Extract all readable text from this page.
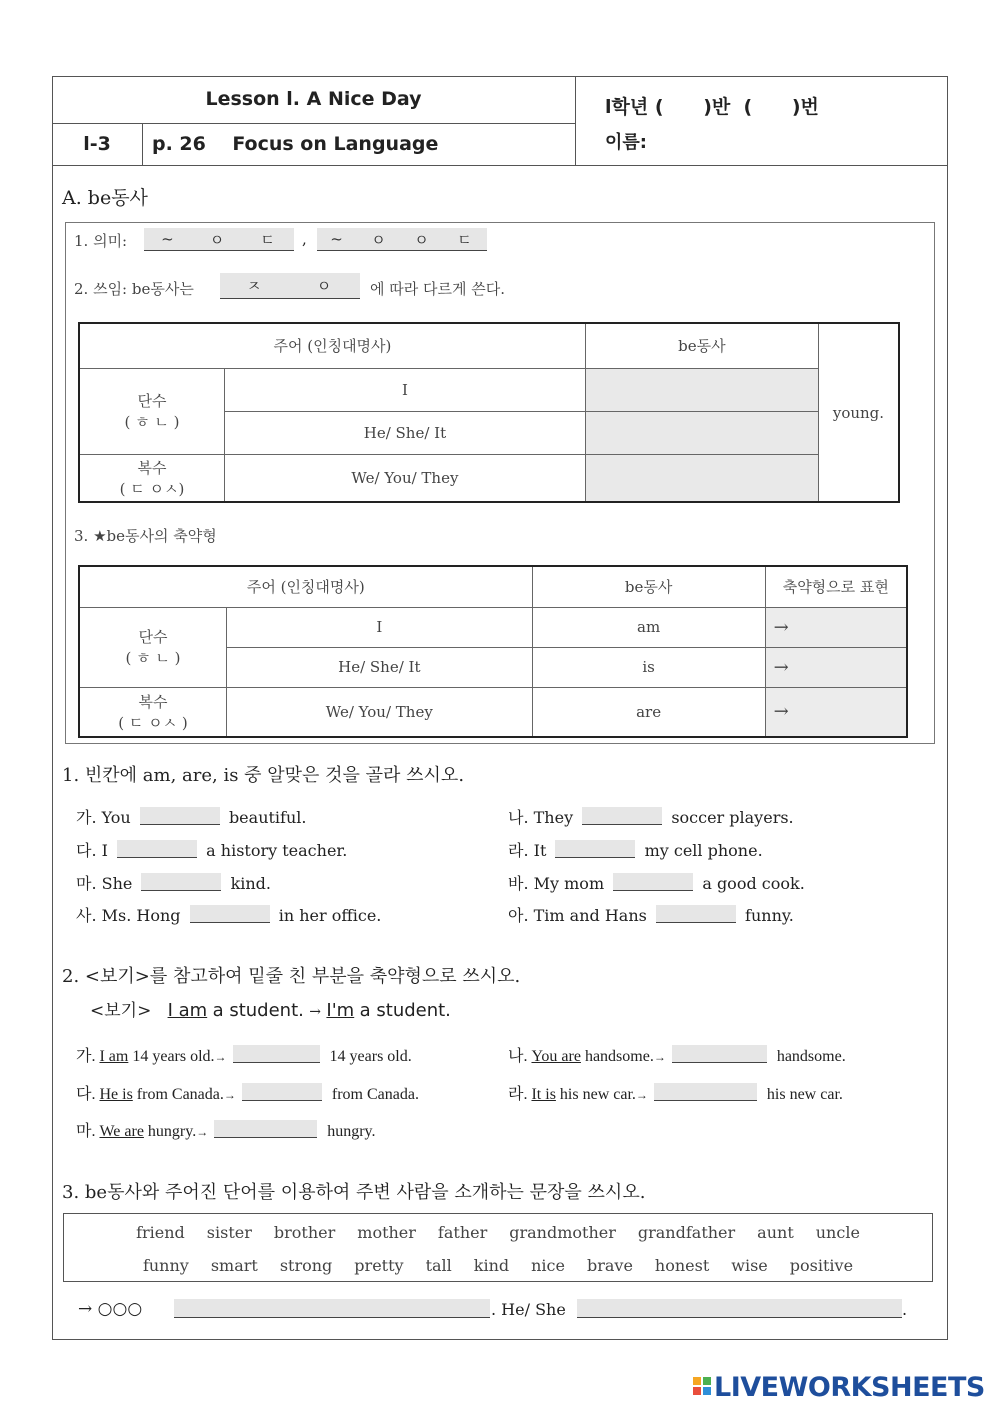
Lesson l. A Nice Day	l학년 (      )반  (      )번
이름:
l-3	p. 26    Focus on Language
A. be동사
1. 의미: ~ ㅇ ㄷ , ~ ㅇ ㅇ ㄷ
2. 쓰임: be동사는	ㅈ	ㅇ 에 따라 다르게 쓴다.
주어 (인칭대명사)		be동사	young.

단수
( ㅎ ㄴ )	I		
	He/ She/ It		

복수
( ㄷ ㅇㅅ)	We/ You/ They		
3. ★be동사의 축약형
주어 (인칭대명사)		be동사	축약형으로 표현

단수
( ㅎ ㄴ )	I	am	→
	He/ She/ It	is	→

복수
( ㄷ ㅇㅅ )	We/ You/ They	are	→
1. 빈칸에 am, are, is 중 알맞은 것을 골라 쓰시오.
가. You	beautiful.	나. They	soccer players.
다. I	a history teacher.	라. It	my cell phone.
마. She	kind.	바. My mom	a good cook.
사. Ms. Hong	in her office.	아. Tim and Hans	funny.
2. <보기>를 참고하여 밑줄 친 부분을 축약형으로 쓰시오.
<보기> I am a student. → I'm a student.
가. I am 14 years old.→	14 years old.	나. You are handsome.→	handsome.
다. He is from Canada.→	from Canada.	라. It is his new car.→	his new car.
마. We are hungry.→	hungry.
3. be동사와 주어진 단어를 이용하여 주변 사람을 소개하는 문장을 쓰시오.
friend sister brother mother father grandmother grandfather aunt uncle
funny smart strong pretty tall kind nice brave honest wise positive
→ ○○○	. He/ She	.
LIVEWORKSHEETS
